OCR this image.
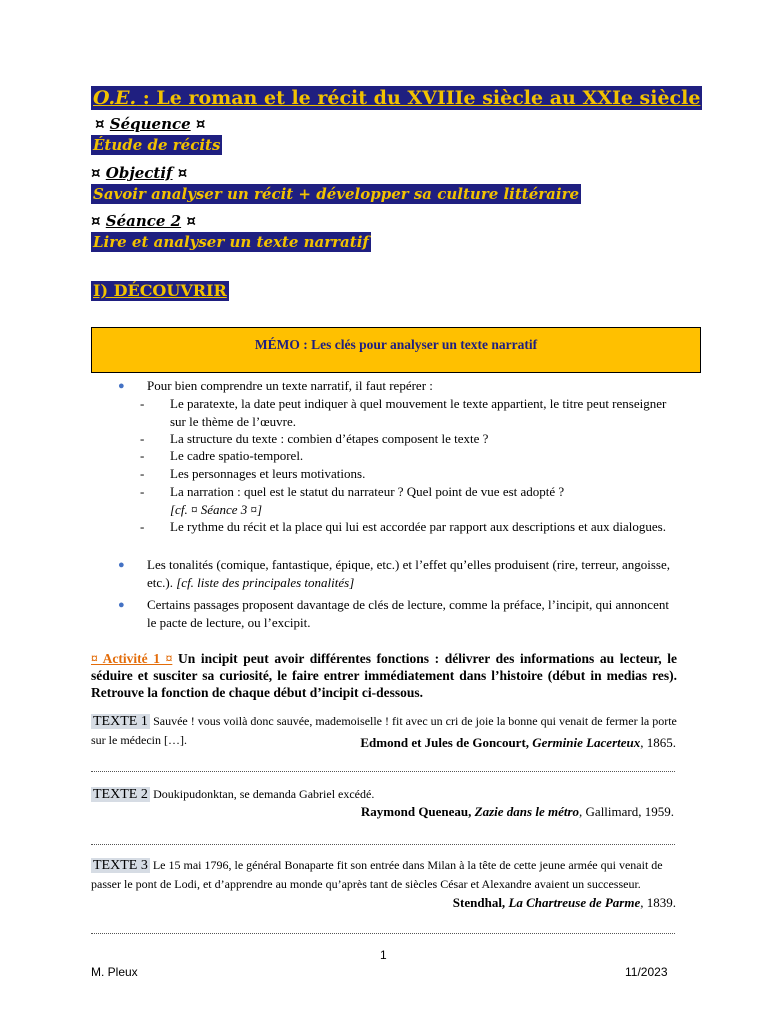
O.E. : Le roman et le récit du XVIIIe siècle au XXIe siècle
¤ Séquence ¤
Étude de récits
¤ Objectif ¤
Savoir analyser un récit + développer sa culture littéraire
¤ Séance 2 ¤
Lire et analyser un texte narratif
I) DÉCOUVRIR
MÉMO : Les clés pour analyser un texte narratif
● Pour bien comprendre un texte narratif, il faut repérer :
- Le paratexte, la date peut indiquer à quel mouvement le texte appartient, le titre peut renseigner sur le thème de l’œuvre.
- La structure du texte : combien d’étapes composent le texte ?
- Le cadre spatio-temporel.
- Les personnages et leurs motivations.
- La narration : quel est le statut du narrateur ? Quel point de vue est adopté ?
[cf. ¤ Séance 3 ¤]
- Le rythme du récit et la place qui lui est accordée par rapport aux descriptions et aux dialogues.
● Les tonalités (comique, fantastique, épique, etc.) et l’effet qu’elles produisent (rire, terreur, angoisse, etc.). [cf. liste des principales tonalités]
● Certains passages proposent davantage de clés de lecture, comme la préface, l’incipit, qui annoncent le pacte de lecture, ou l’excipit.
¤ Activité 1 ¤ Un incipit peut avoir différentes fonctions : délivrer des informations au lecteur, le séduire et susciter sa curiosité, le faire entrer immédiatement dans l’histoire (début in medias res). Retrouve la fonction de chaque début d’incipit ci-dessous.
TEXTE 1 Sauvée ! vous voilà donc sauvée, mademoiselle ! fit avec un cri de joie la bonne qui venait de fermer la porte sur le médecin […].	Edmond et Jules de Goncourt, Germinie Lacerteux, 1865.
TEXTE 2 Doukipudonktan, se demanda Gabriel excédé.
Raymond Queneau, Zazie dans le métro, Gallimard, 1959.
TEXTE 3 Le 15 mai 1796, le général Bonaparte fit son entrée dans Milan à la tête de cette jeune armée qui venait de passer le pont de Lodi, et d’apprendre au monde qu’après tant de siècles César et Alexandre avaient un successeur.
Stendhal, La Chartreuse de Parme, 1839.
1
M. Pleux	11/2023
